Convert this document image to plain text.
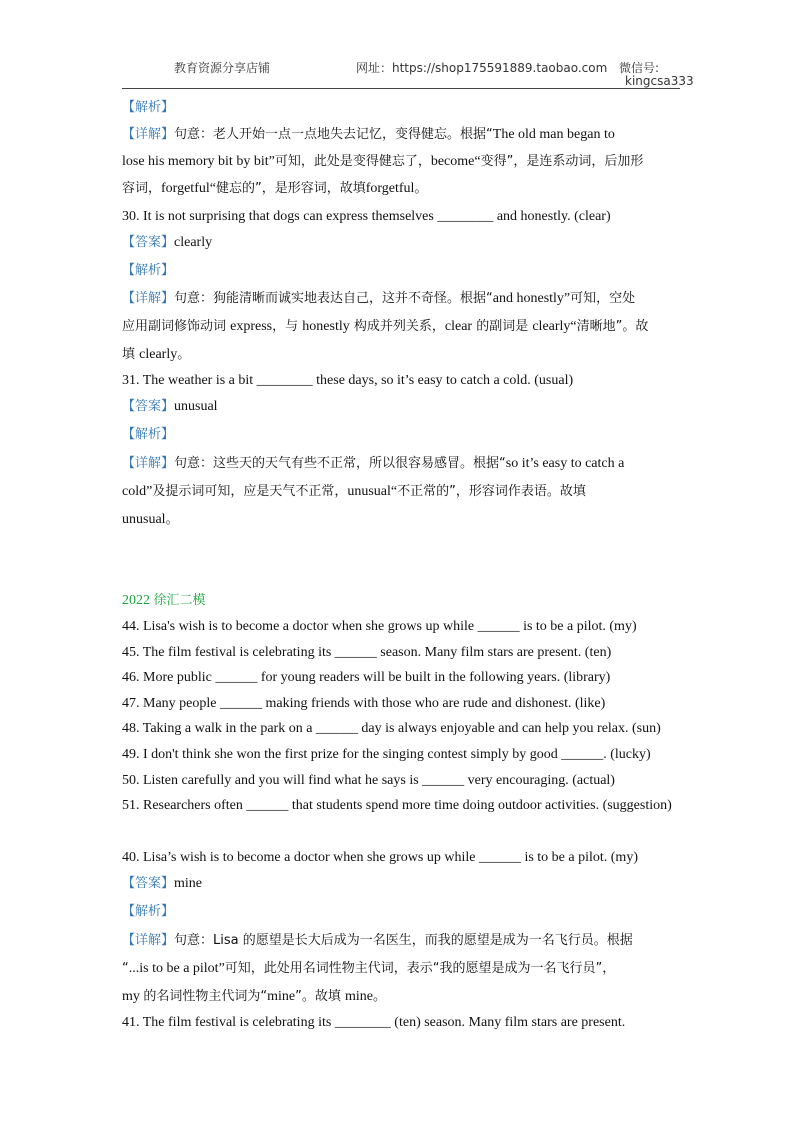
教育资源分享店铺	网址：https://shop175591889.taobao.com 微信号:
kingcsa333
【解析】
【详解】句意：老人开始一点一点地失去记忆，变得健忘。根据“The old man began to
lose his memory bit by bit”可知，此处是变得健忘了，become“变得”，是连系动词，后加形
容词，forgetful“健忘的”，是形容词，故填forgetful。
30. It is not surprising that dogs can express themselves ________ and honestly. (clear)
【答案】clearly
【解析】
【详解】句意：狗能清晰而诚实地表达自己，这并不奇怪。根据“and honestly”可知，空处
应用副词修饰动词 express，与 honestly 构成并列关系，clear 的副词是 clearly“清晰地”。故
填 clearly。
31. The weather is a bit ________ these days, so it’s easy to catch a cold. (usual)
【答案】unusual
【解析】
【详解】句意：这些天的天气有些不正常，所以很容易感冒。根据“so it’s easy to catch a
cold”及提示词可知，应是天气不正常，unusual“不正常的”，形容词作表语。故填
unusual。
2022 徐汇二模
44. Lisa's wish is to become a doctor when she grows up while ______ is to be a pilot. (my)
45. The film festival is celebrating its ______ season. Many film stars are present. (ten)
46. More public ______ for young readers will be built in the following years. (library)
47. Many people ______ making friends with those who are rude and dishonest. (like)
48. Taking a walk in the park on a ______ day is always enjoyable and can help you relax. (sun)
49. I don't think she won the first prize for the singing contest simply by good ______. (lucky)
50. Listen carefully and you will find what he says is ______ very encouraging. (actual)
51. Researchers often ______ that students spend more time doing outdoor activities. (suggestion)
40. Lisa’s wish is to become a doctor when she grows up while ______ is to be a pilot. (my)
【答案】mine
【解析】
【详解】句意：Lisa 的愿望是长大后成为一名医生，而我的愿望是成为一名飞行员。根据
“...is to be a pilot”可知，此处用名词性物主代词，表示“我的愿望是成为一名飞行员”，
my 的名词性物主代词为“mine”。故填 mine。
41. The film festival is celebrating its ________ (ten) season. Many film stars are present.
